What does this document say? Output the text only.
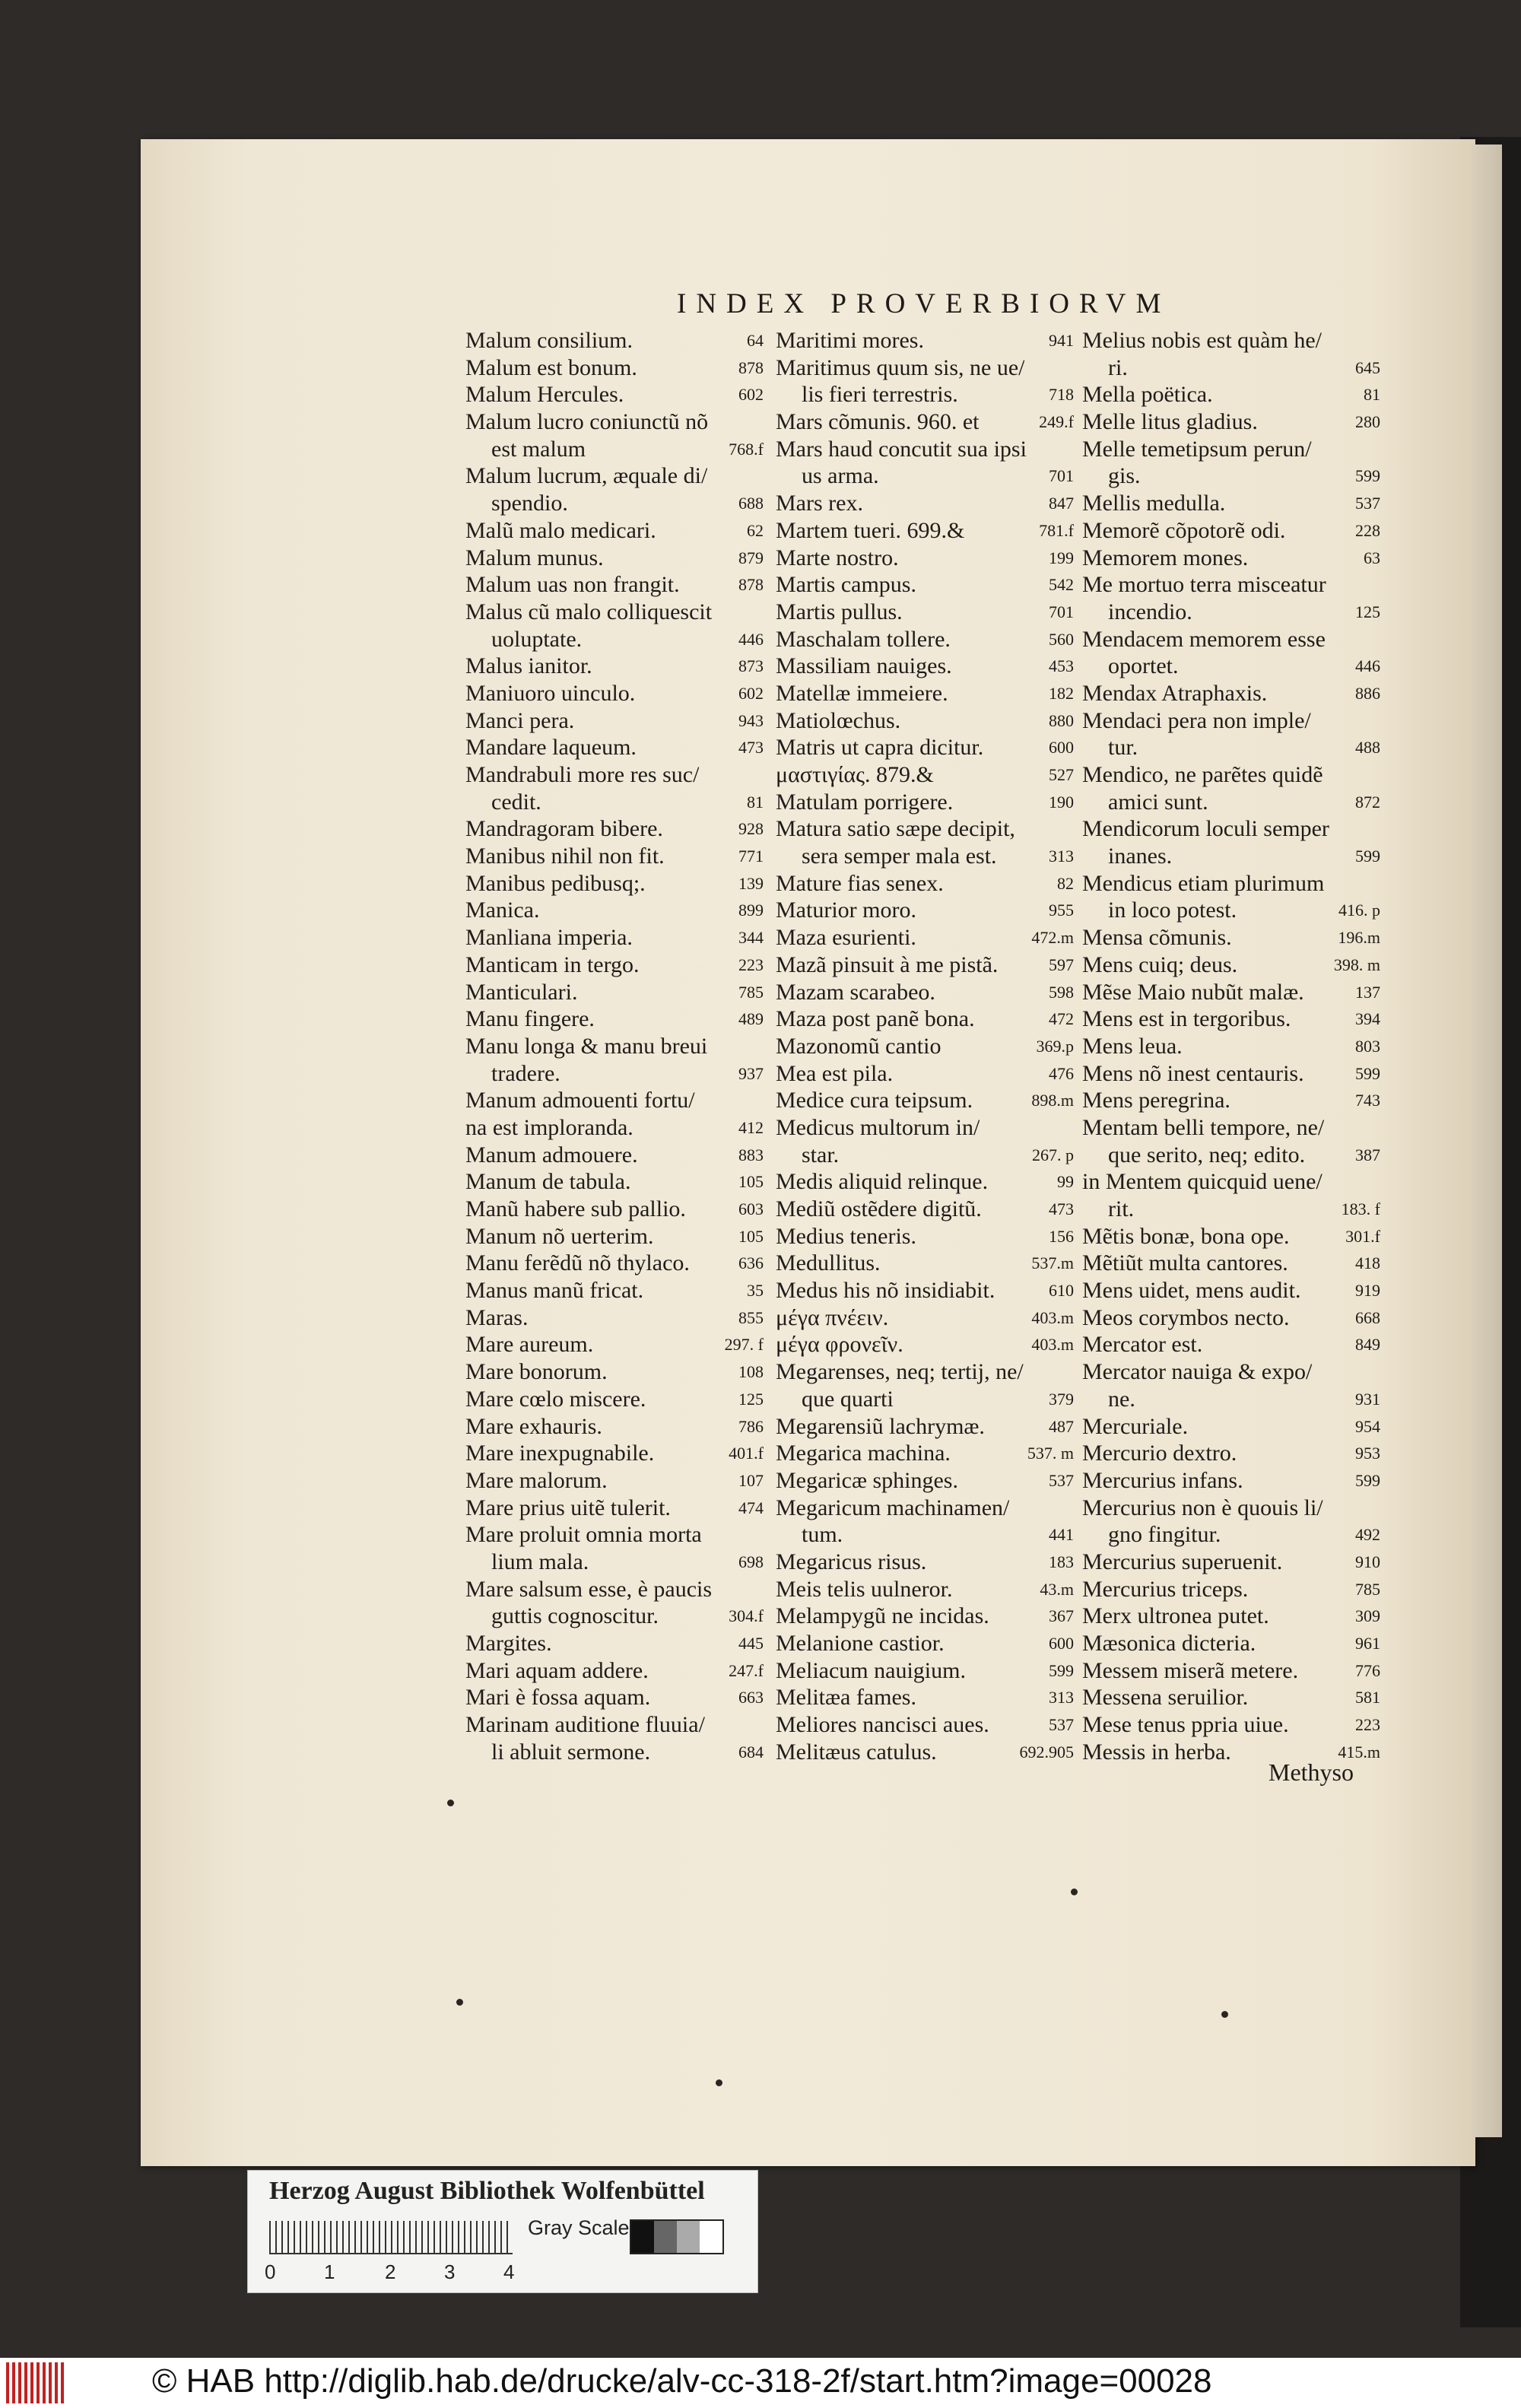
INDEX PROVERBIORVM
Malum consilium.	64
Malum est bonum.	878
Malum Hercules.	602
Malum lucro coniunctũ nõ
est malum	768.f
Malum lucrum, æquale di/
spendio.	688
Malũ malo medicari.	62
Malum munus.	879
Malum uas non frangit.	878
Malus cũ malo colliquescit
uoluptate.	446
Malus ianitor.	873
Maniuoro uinculo.	602
Manci pera.	943
Mandare laqueum.	473
Mandrabuli more res suc/
cedit.	81
Mandragoram bibere.	928
Manibus nihil non fit.	771
Manibus pedibusq;.	139
Manica.	899
Manliana imperia.	344
Manticam in tergo.	223
Manticulari.	785
Manu fingere.	489
Manu longa & manu breui
tradere.	937
Manum admouenti fortu/
na est imploranda.	412
Manum admouere.	883
Manum de tabula.	105
Manũ habere sub pallio.	603
Manum nõ uerterim.	105
Manu ferẽdũ nõ thylaco.	636
Manus manũ fricat.	35
Maras.	855
Mare aureum.	297. f
Mare bonorum.	108
Mare cœlo miscere.	125
Mare exhauris.	786
Mare inexpugnabile.	401.f
Mare malorum.	107
Mare prius uitẽ tulerit.	474
Mare proluit omnia morta
lium mala.	698
Mare salsum esse, è paucis
guttis cognoscitur.	304.f
Margites.	445
Mari aquam addere.	247.f
Mari è fossa aquam.	663
Marinam auditione fluuia/
li abluit sermone.	684
Maritimi mores.	941
Maritimus quum sis, ne ue/
lis fieri terrestris.	718
Mars cõmunis. 960. et	249.f
Mars haud concutit sua ipsi
us arma.	701
Mars rex.	847
Martem tueri. 699.&	781.f
Marte nostro.	199
Martis campus.	542
Martis pullus.	701
Maschalam tollere.	560
Massiliam nauiges.	453
Matellæ immeiere.	182
Matiolœchus.	880
Matris ut capra dicitur.	600
μαστιγίας. 879.&	527
Matulam porrigere.	190
Matura satio sæpe decipit,
sera semper mala est.	313
Mature fias senex.	82
Maturior moro.	955
Maza esurienti.	472.m
Mazã pinsuit à me pistã.	597
Mazam scarabeo.	598
Maza post panẽ bona.	472
Mazonomũ cantio	369.p
Mea est pila.	476
Medice cura teipsum.	898.m
Medicus multorum in/
star.	267. p
Medis aliquid relinque.	99
Mediũ ostẽdere digitũ.	473
Medius teneris.	156
Medullitus.	537.m
Medus his nõ insidiabit.	610
μέγα πνέειν.	403.m
μέγα φρονεῖν.	403.m
Megarenses, neq; tertij, ne/
que quarti	379
Megarensiũ lachrymæ.	487
Megarica machina.	537. m
Megaricæ sphinges.	537
Megaricum machinamen/
tum.	441
Megaricus risus.	183
Meis telis uulneror.	43.m
Melampygũ ne incidas.	367
Melanione castior.	600
Meliacum nauigium.	599
Melitæa fames.	313
Meliores nancisci aues.	537
Melitæus catulus.	692.905
Melius nobis est quàm he/
ri.	645
Mella poëtica.	81
Melle litus gladius.	280
Melle temetipsum perun/
gis.	599
Mellis medulla.	537
Memorẽ cõpotorẽ odi.	228
Memorem mones.	63
Me mortuo terra misceatur
incendio.	125
Mendacem memorem esse
oportet.	446
Mendax Atraphaxis.	886
Mendaci pera non imple/
tur.	488
Mendico, ne parẽtes quidẽ
amici sunt.	872
Mendicorum loculi semper
inanes.	599
Mendicus etiam plurimum
in loco potest.	416. p
Mensa cõmunis.	196.m
Mens cuiq; deus.	398. m
Mẽse Maio nubũt malæ.	137
Mens est in tergoribus.	394
Mens leua.	803
Mens nõ inest centauris.	599
Mens peregrina.	743
Mentam belli tempore, ne/
que serito, neq; edito.	387
in Mentem quicquid uene/
rit.	183. f
Mẽtis bonæ, bona ope.	301.f
Mẽtiũt multa cantores.	418
Mens uidet, mens audit.	919
Meos corymbos necto.	668
Mercator est.	849
Mercator nauiga & expo/
ne.	931
Mercuriale.	954
Mercurio dextro.	953
Mercurius infans.	599
Mercurius non è quouis li/
gno fingitur.	492
Mercurius superuenit.	910
Mercurius triceps.	785
Merx ultronea putet.	309
Mæsonica dicteria.	961
Messem miserã metere.	776
Messena seruilior.	581
Mese tenus ppria uiue.	223
Messis in herba.	415.m
Methyso
Herzog August Bibliothek Wolfenbüttel
0 1	2 3 4
Gray Scale
© HAB http://diglib.hab.de/drucke/alv-cc-318-2f/start.htm?image=00028
